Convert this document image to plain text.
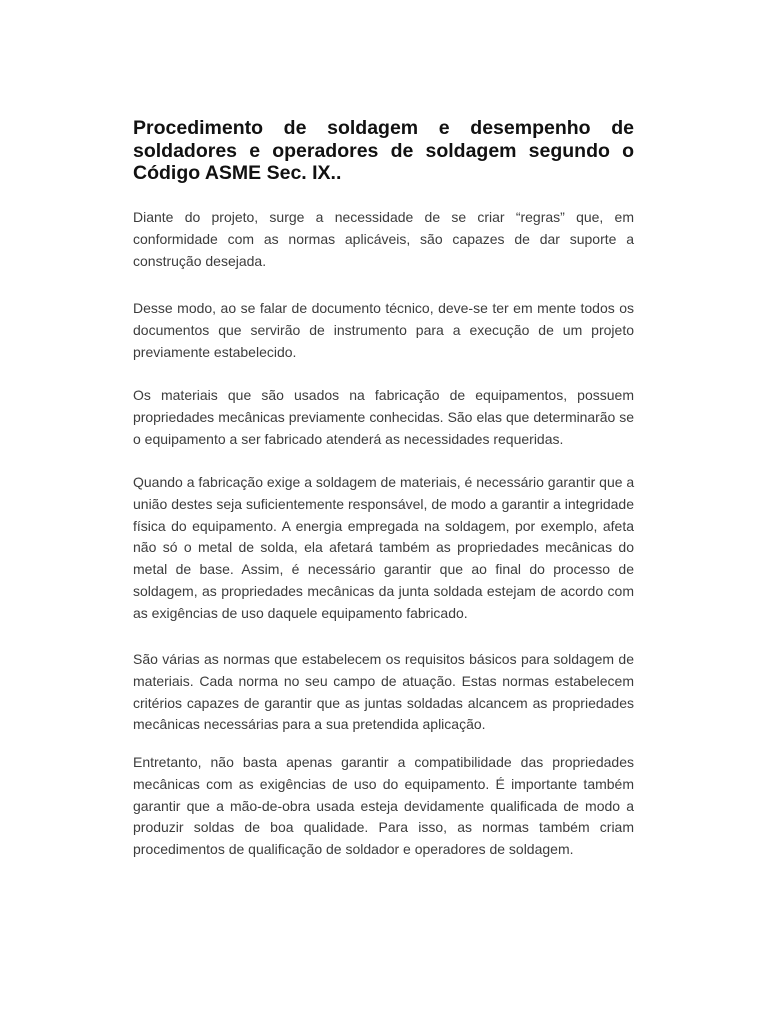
Procedimento de soldagem e desempenho de
soldadores e operadores de soldagem segundo o
Código ASME Sec. IX..

Diante do projeto, surge a necessidade de se criar “regras” que, em
conformidade com as normas aplicáveis, são capazes de dar suporte a
construção desejada.

Desse modo, ao se falar de documento técnico, deve-se ter em mente todos os
documentos que servirão de instrumento para a execução de um projeto
previamente estabelecido.

Os materiais que são usados na fabricação de equipamentos, possuem
propriedades mecânicas previamente conhecidas. São elas que determinarão se
o equipamento a ser fabricado atenderá as necessidades requeridas.

Quando a fabricação exige a soldagem de materiais, é necessário garantir que a
união destes seja suficientemente responsável, de modo a garantir a integridade
física do equipamento. A energia empregada na soldagem, por exemplo, afeta
não só o metal de solda, ela afetará também as propriedades mecânicas do
metal de base. Assim, é necessário garantir que ao final do processo de
soldagem, as propriedades mecânicas da junta soldada estejam de acordo com
as exigências de uso daquele equipamento fabricado.

São várias as normas que estabelecem os requisitos básicos para soldagem de
materiais. Cada norma no seu campo de atuação. Estas normas estabelecem
critérios capazes de garantir que as juntas soldadas alcancem as propriedades
mecânicas necessárias para a sua pretendida aplicação.

Entretanto, não basta apenas garantir a compatibilidade das propriedades
mecânicas com as exigências de uso do equipamento. É importante também
garantir que a mão-de-obra usada esteja devidamente qualificada de modo a
produzir soldas de boa qualidade. Para isso, as normas também criam
procedimentos de qualificação de soldador e operadores de soldagem.
